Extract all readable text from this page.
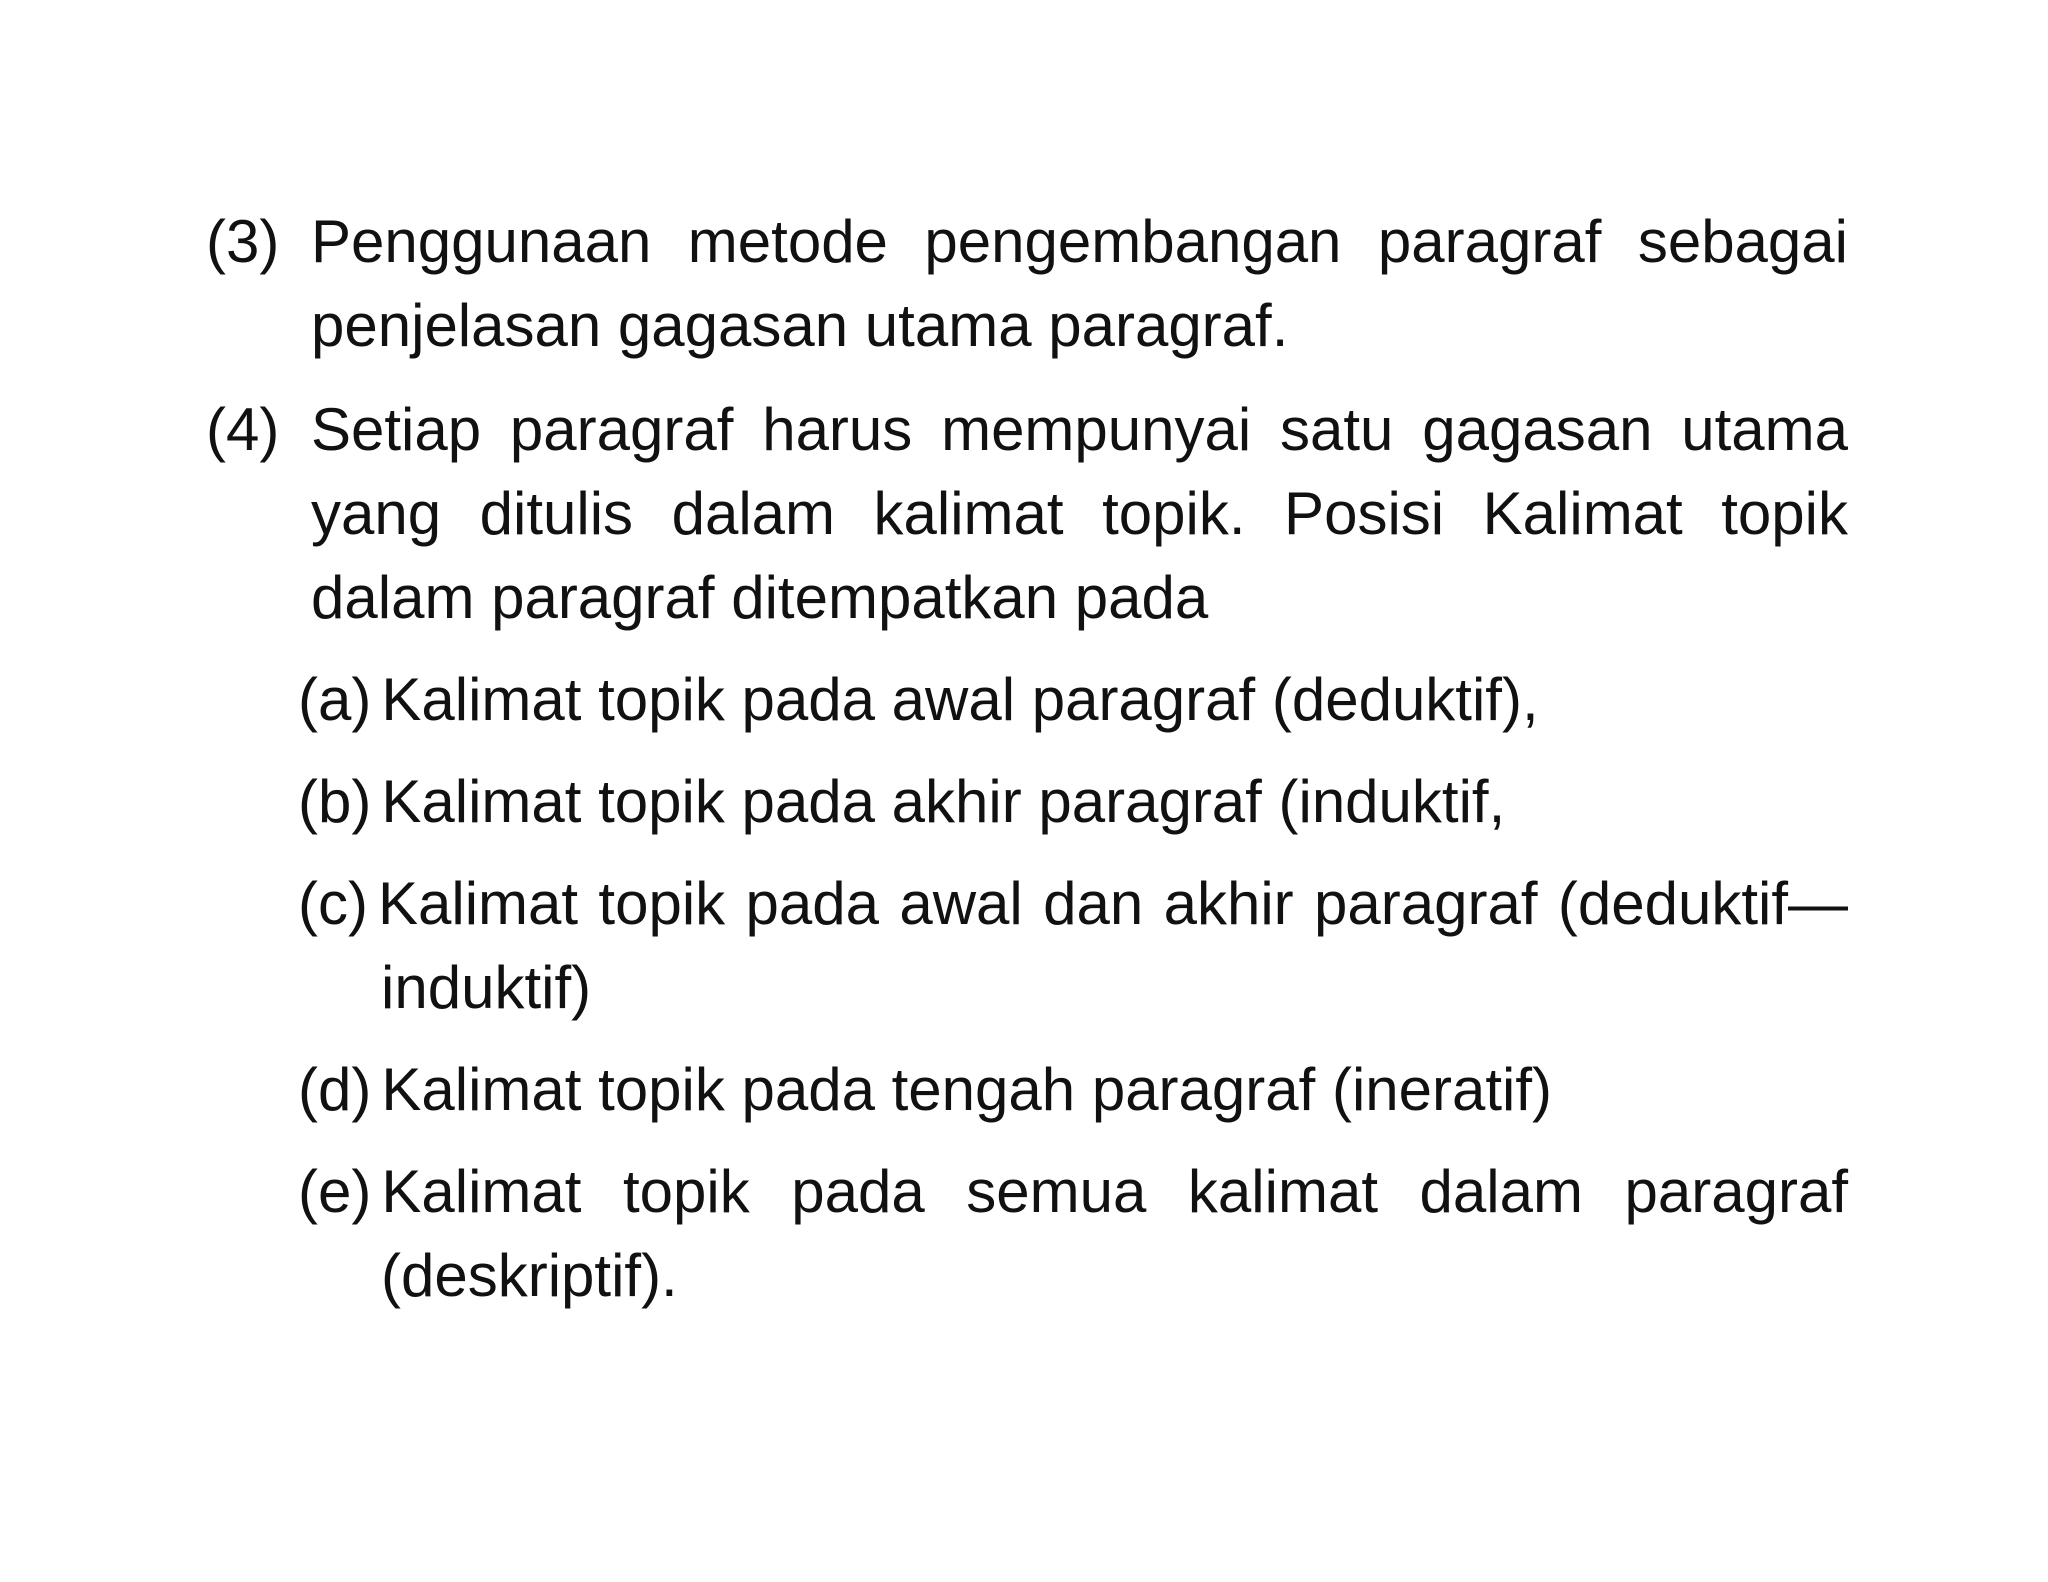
(3) Penggunaan metode pengembangan paragraf sebagai penjelasan gagasan utama paragraf.
(4) Setiap paragraf harus mempunyai satu gagasan utama yang ditulis dalam kalimat topik. Posisi Kalimat topik dalam paragraf ditempatkan pada
(a) Kalimat topik pada awal paragraf (deduktif),
(b) Kalimat topik pada akhir paragraf (induktif,
(c) Kalimat topik pada awal dan akhir paragraf (deduktif—induktif)
(d) Kalimat topik pada tengah paragraf (ineratif)
(e) Kalimat topik pada semua kalimat dalam paragraf (deskriptif).
